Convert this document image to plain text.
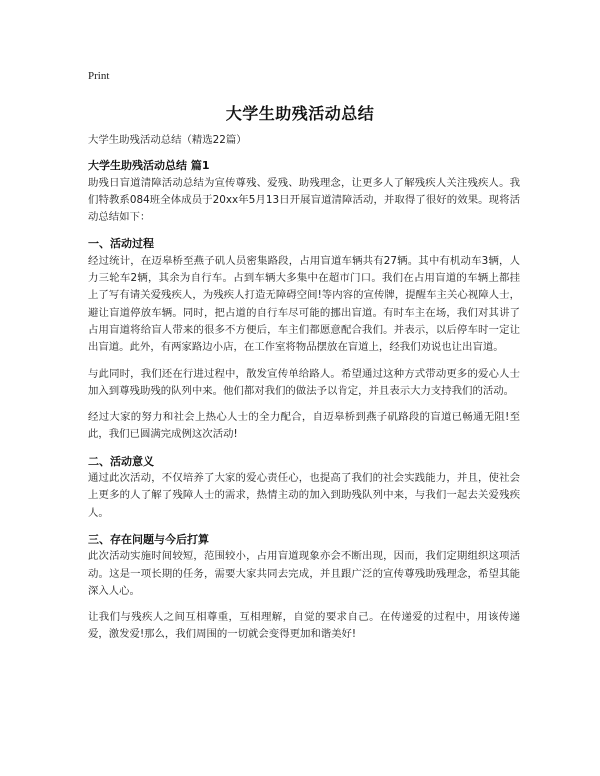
Print
大学生助残活动总结

大学生助残活动总结（精选22篇）

大学生助残活动总结 篇1

助残日盲道清障活动总结为宣传尊残、爱残、助残理念，让更多人了解残疾人关注残疾人。我们特教系084班全体成员于20xx年5月13日开展盲道清障活动，并取得了很好的效果。现将活动总结如下：

一、活动过程

经过统计，在迈皋桥至燕子矶人员密集路段，占用盲道车辆共有27辆。其中有机动车3辆，人力三轮车2辆，其余为自行车。占到车辆大多集中在超市门口。我们在占用盲道的车辆上都挂上了写有请关爱残疾人，为残疾人打造无障碍空间!等内容的宣传牌，提醒车主关心视障人士，避让盲道停放车辆。同时，把占道的自行车尽可能的挪出盲道。有时车主在场，我们对其讲了占用盲道将给盲人带来的很多不方便后，车主们都愿意配合我们。并表示，以后停车时一定让出盲道。此外，有两家路边小店，在工作室将物品摆放在盲道上，经我们劝说也让出盲道。

与此同时，我们还在行进过程中，散发宣传单给路人。希望通过这种方式带动更多的爱心人士加入到尊残助残的队列中来。他们都对我们的做法予以肯定，并且表示大力支持我们的活动。

经过大家的努力和社会上热心人士的全力配合，自迈皋桥到燕子矶路段的盲道已畅通无阻!至此，我们已圆满完成例这次活动!

二、活动意义

通过此次活动，不仅培养了大家的爱心责任心，也提高了我们的社会实践能力，并且，使社会上更多的人了解了残障人士的需求，热情主动的加入到助残队列中来，与我们一起去关爱残疾人。

三、存在问题与今后打算

此次活动实施时间较短，范围较小，占用盲道现象亦会不断出现，因而，我们定期组织这项活动。这是一项长期的任务，需要大家共同去完成，并且跟广泛的宣传尊残助残理念，希望其能深入人心。

让我们与残疾人之间互相尊重，互相理解，自觉的要求自己。在传递爱的过程中，用该传递爱，激发爱!那么，我们周围的一切就会变得更加和谐美好!
